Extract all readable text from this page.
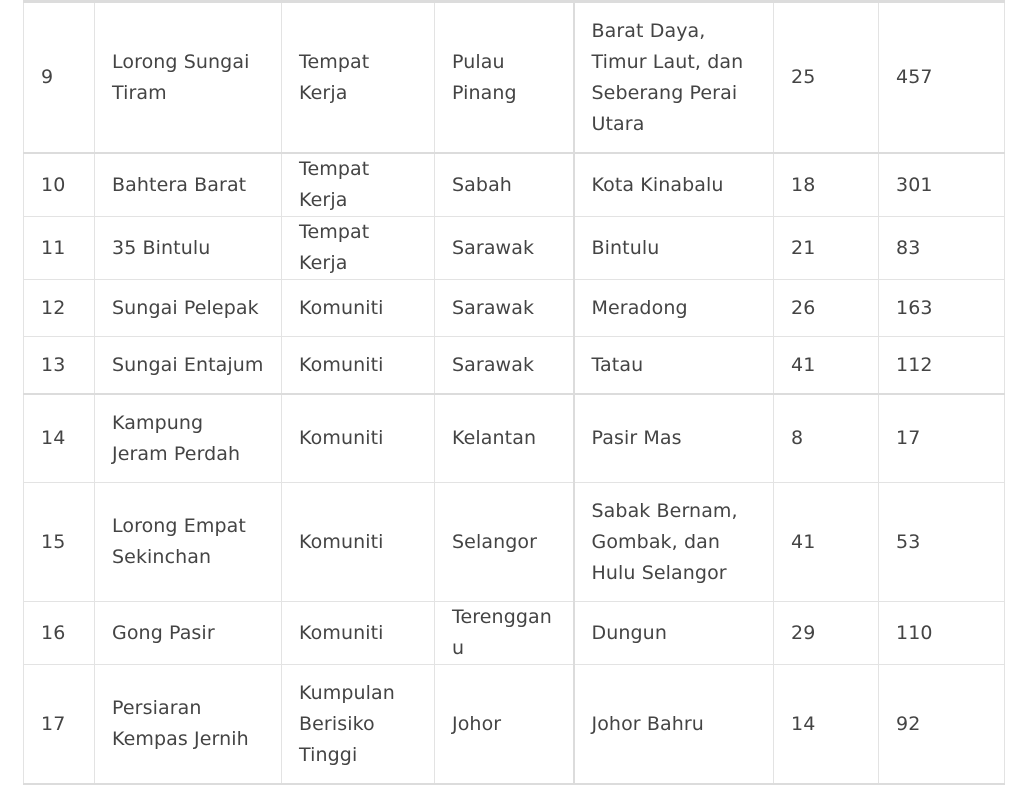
9	Lorong Sungai Tiram	Tempat Kerja	Pulau Pinang	Barat Daya, Timur Laut, dan Seberang Perai Utara	25	457
10	Bahtera Barat	Tempat Kerja	Sabah	Kota Kinabalu	18	301
11	35 Bintulu	Tempat Kerja	Sarawak	Bintulu	21	83
12	Sungai Pelepak	Komuniti	Sarawak	Meradong	26	163
13	Sungai Entajum	Komuniti	Sarawak	Tatau	41	112
14	Kampung Jeram Perdah	Komuniti	Kelantan	Pasir Mas	8	17
15	Lorong Empat Sekinchan	Komuniti	Selangor	Sabak Bernam, Gombak, dan Hulu Selangor	41	53
16	Gong Pasir	Komuniti	Terengganu	Dungun	29	110
17	Persiaran Kempas Jernih	Kumpulan Berisiko Tinggi	Johor	Johor Bahru	14	92
